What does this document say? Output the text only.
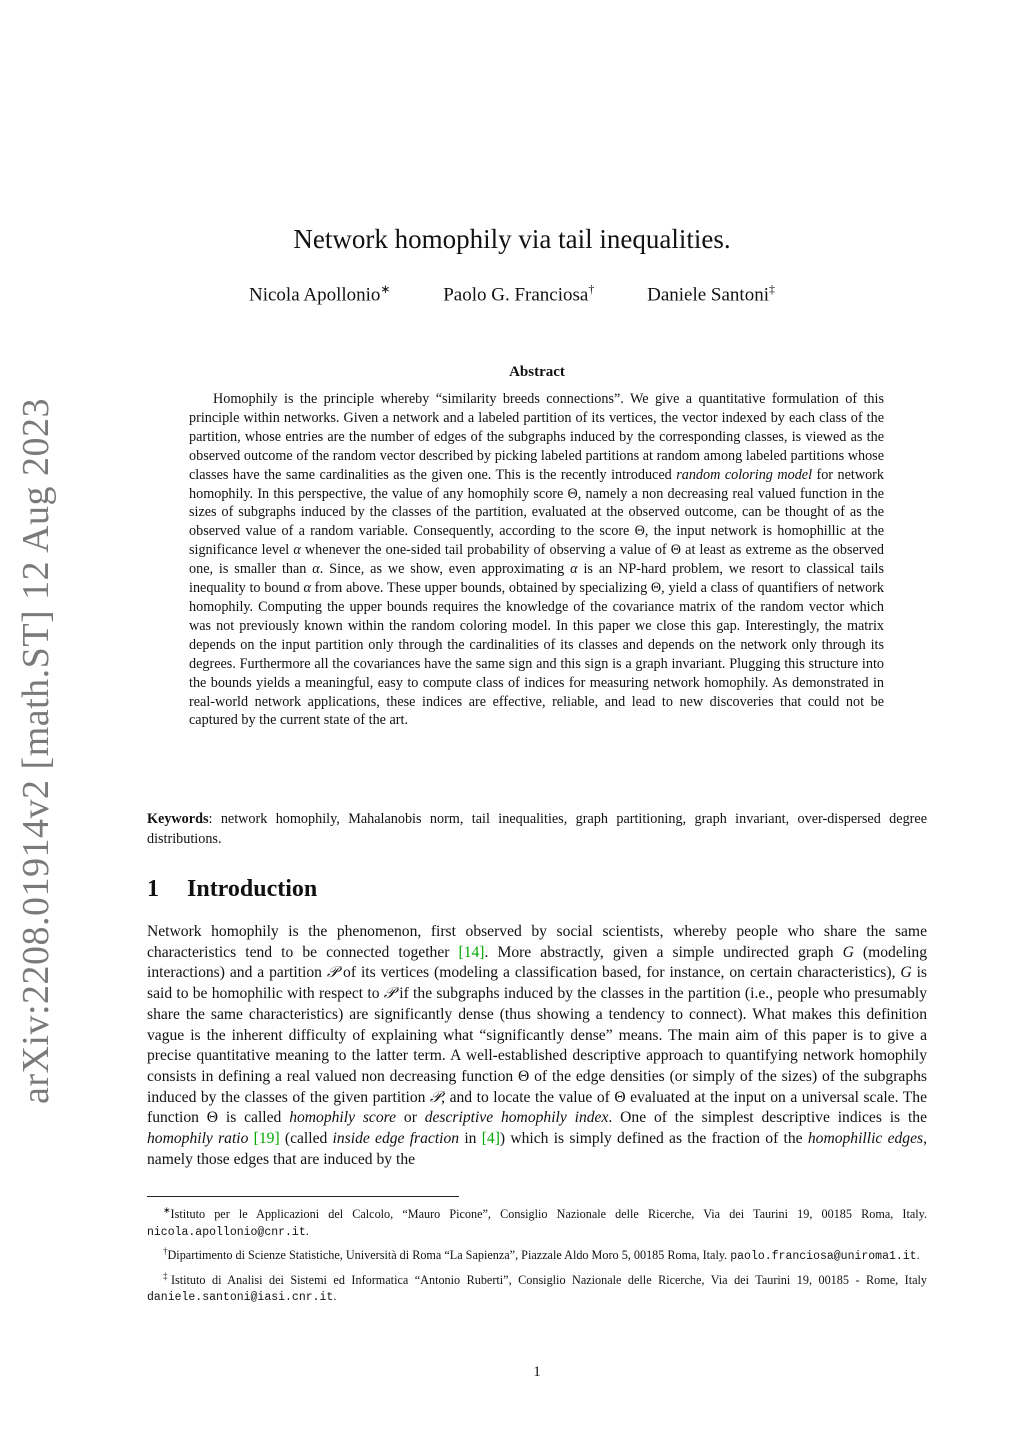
arXiv:2208.01914v2 [math.ST] 12 Aug 2023
Network homophily via tail inequalities.
Nicola Apollonio∗	Paolo G. Franciosa†	Daniele Santoni‡
Abstract

Homophily is the principle whereby “similarity breeds connections”. We give a quantitative formulation of this principle within networks. Given a network and a labeled partition of its vertices, the vector indexed by each class of the partition, whose entries are the number of edges of the subgraphs induced by the corresponding classes, is viewed as the observed outcome of the random vector described by picking labeled partitions at random among labeled partitions whose classes have the same cardinalities as the given one. This is the recently introduced random coloring model for network homophily. In this perspective, the value of any homophily score Θ, namely a non decreasing real valued function in the sizes of subgraphs induced by the classes of the partition, evaluated at the observed outcome, can be thought of as the observed value of a random variable. Consequently, according to the score Θ, the input network is homophillic at the significance level α whenever the one-sided tail probability of observing a value of Θ at least as extreme as the observed one, is smaller than α. Since, as we show, even approximating α is an NP-hard problem, we resort to classical tails inequality to bound α from above. These upper bounds, obtained by specializing Θ, yield a class of quantifiers of network homophily. Computing the upper bounds requires the knowledge of the covariance matrix of the random vector which was not previously known within the random coloring model. In this paper we close this gap. Interestingly, the matrix depends on the input partition only through the cardinalities of its classes and depends on the network only through its degrees. Furthermore all the covariances have the same sign and this sign is a graph invariant. Plugging this structure into the bounds yields a meaningful, easy to compute class of indices for measuring network homophily. As demonstrated in real-world network applications, these indices are effective, reliable, and lead to new discoveries that could not be captured by the current state of the art.

Keywords: network homophily, Mahalanobis norm, tail inequalities, graph partitioning, graph invariant, over-dispersed degree distributions.

1 Introduction

Network homophily is the phenomenon, first observed by social scientists, whereby people who share the same characteristics tend to be connected together [14]. More abstractly, given a simple undirected graph G (modeling interactions) and a partition 𝒫 of its vertices (modeling a classification based, for instance, on certain characteristics), G is said to be homophilic with respect to 𝒫 if the subgraphs induced by the classes in the partition (i.e., people who presumably share the same characteristics) are significantly dense (thus showing a tendency to connect). What makes this definition vague is the inherent difficulty of explaining what “significantly dense” means. The main aim of this paper is to give a precise quantitative meaning to the latter term. A well-established descriptive approach to quantifying network homophily consists in defining a real valued non decreasing function Θ of the edge densities (or simply of the sizes) of the subgraphs induced by the classes of the given partition 𝒫, and to locate the value of Θ evaluated at the input on a universal scale. The function Θ is called homophily score or descriptive homophily index. One of the simplest descriptive indices is the homophily ratio [19] (called inside edge fraction in [4]) which is simply defined as the fraction of the homophillic edges, namely those edges that are induced by the

∗Istituto per le Applicazioni del Calcolo, “Mauro Picone”, Consiglio Nazionale delle Ricerche, Via dei Taurini 19, 00185 Roma, Italy. nicola.apollonio@cnr.it.

†Dipartimento di Scienze Statistiche, Università di Roma “La Sapienza”, Piazzale Aldo Moro 5, 00185 Roma, Italy. paolo.franciosa@uniroma1.it.

‡Istituto di Analisi dei Sistemi ed Informatica “Antonio Ruberti”, Consiglio Nazionale delle Ricerche, Via dei Taurini 19, 00185 - Rome, Italy daniele.santoni@iasi.cnr.it.

1
